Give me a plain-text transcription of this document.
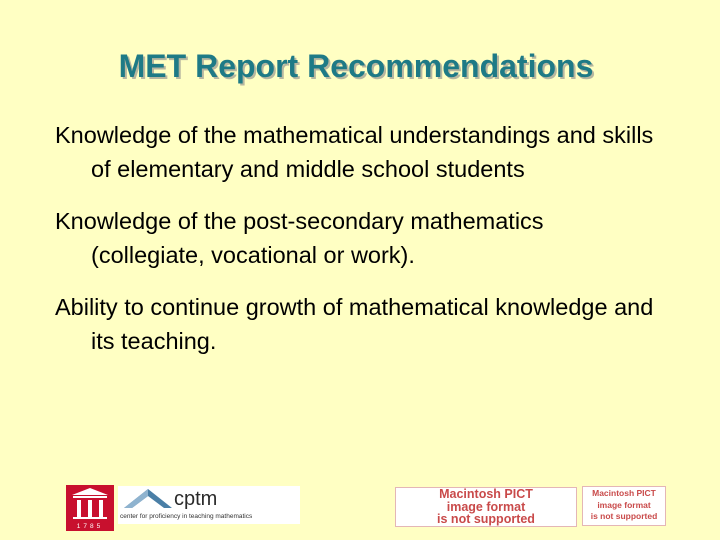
MET Report Recommendations
Knowledge of the mathematical understandings and skills of elementary and middle school students
Knowledge of the post-secondary mathematics (collegiate, vocational or work).
Ability to continue growth of mathematical knowledge and its teaching.
1785
cptm
center for proficiency in teaching mathematics
Macintosh PICT
image format
is not supported
Macintosh PICT
image format
is not supported
